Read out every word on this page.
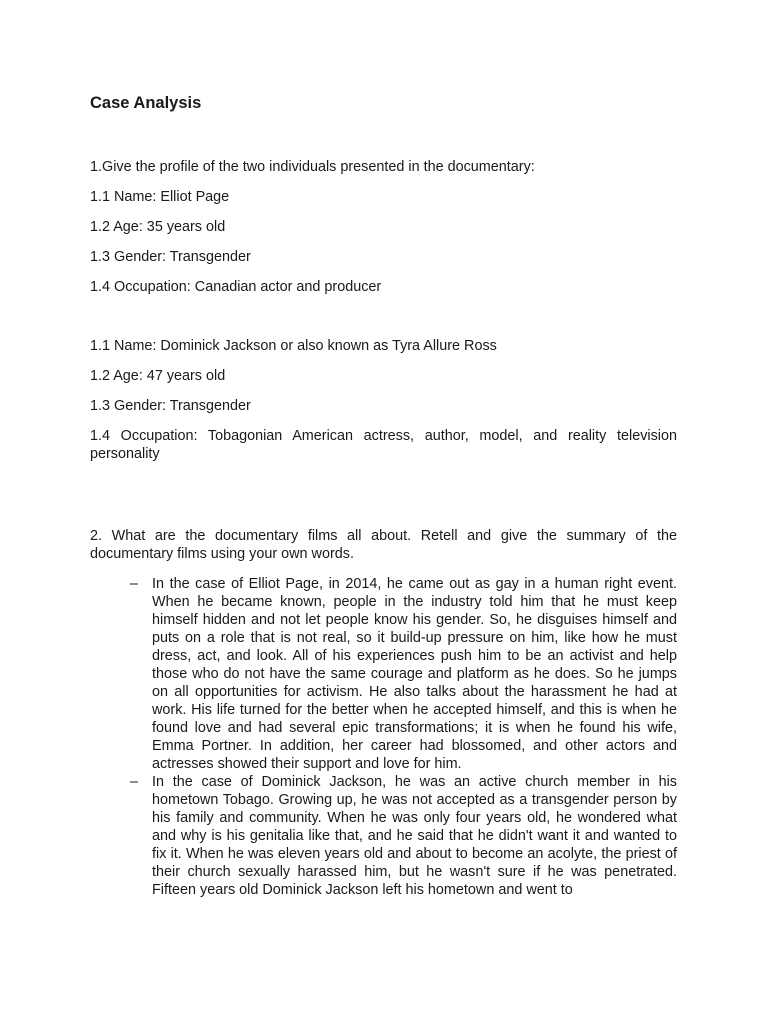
Case Analysis

1.Give the profile of the two individuals presented in the documentary:

1.1 Name: Elliot Page

1.2 Age: 35 years old

1.3 Gender: Transgender

1.4 Occupation: Canadian actor and producer

1.1 Name: Dominick Jackson or also known as Tyra Allure Ross

1.2 Age: 47 years old

1.3 Gender: Transgender

1.4 Occupation: Tobagonian American actress, author, model, and reality television personality

2. What are the documentary films all about. Retell and give the summary of the documentary films using your own words.

– In the case of Elliot Page, in 2014, he came out as gay in a human right event. When he became known, people in the industry told him that he must keep himself hidden and not let people know his gender. So, he disguises himself and puts on a role that is not real, so it build-up pressure on him, like how he must dress, act, and look. All of his experiences push him to be an activist and help those who do not have the same courage and platform as he does. So he jumps on all opportunities for activism. He also talks about the harassment he had at work. His life turned for the better when he accepted himself, and this is when he found love and had several epic transformations; it is when he found his wife, Emma Portner. In addition, her career had blossomed, and other actors and actresses showed their support and love for him.
– In the case of Dominick Jackson, he was an active church member in his hometown Tobago. Growing up, he was not accepted as a transgender person by his family and community. When he was only four years old, he wondered what and why is his genitalia like that, and he said that he didn't want it and wanted to fix it. When he was eleven years old and about to become an acolyte, the priest of their church sexually harassed him, but he wasn't sure if he was penetrated. Fifteen years old Dominick Jackson left his hometown and went to
